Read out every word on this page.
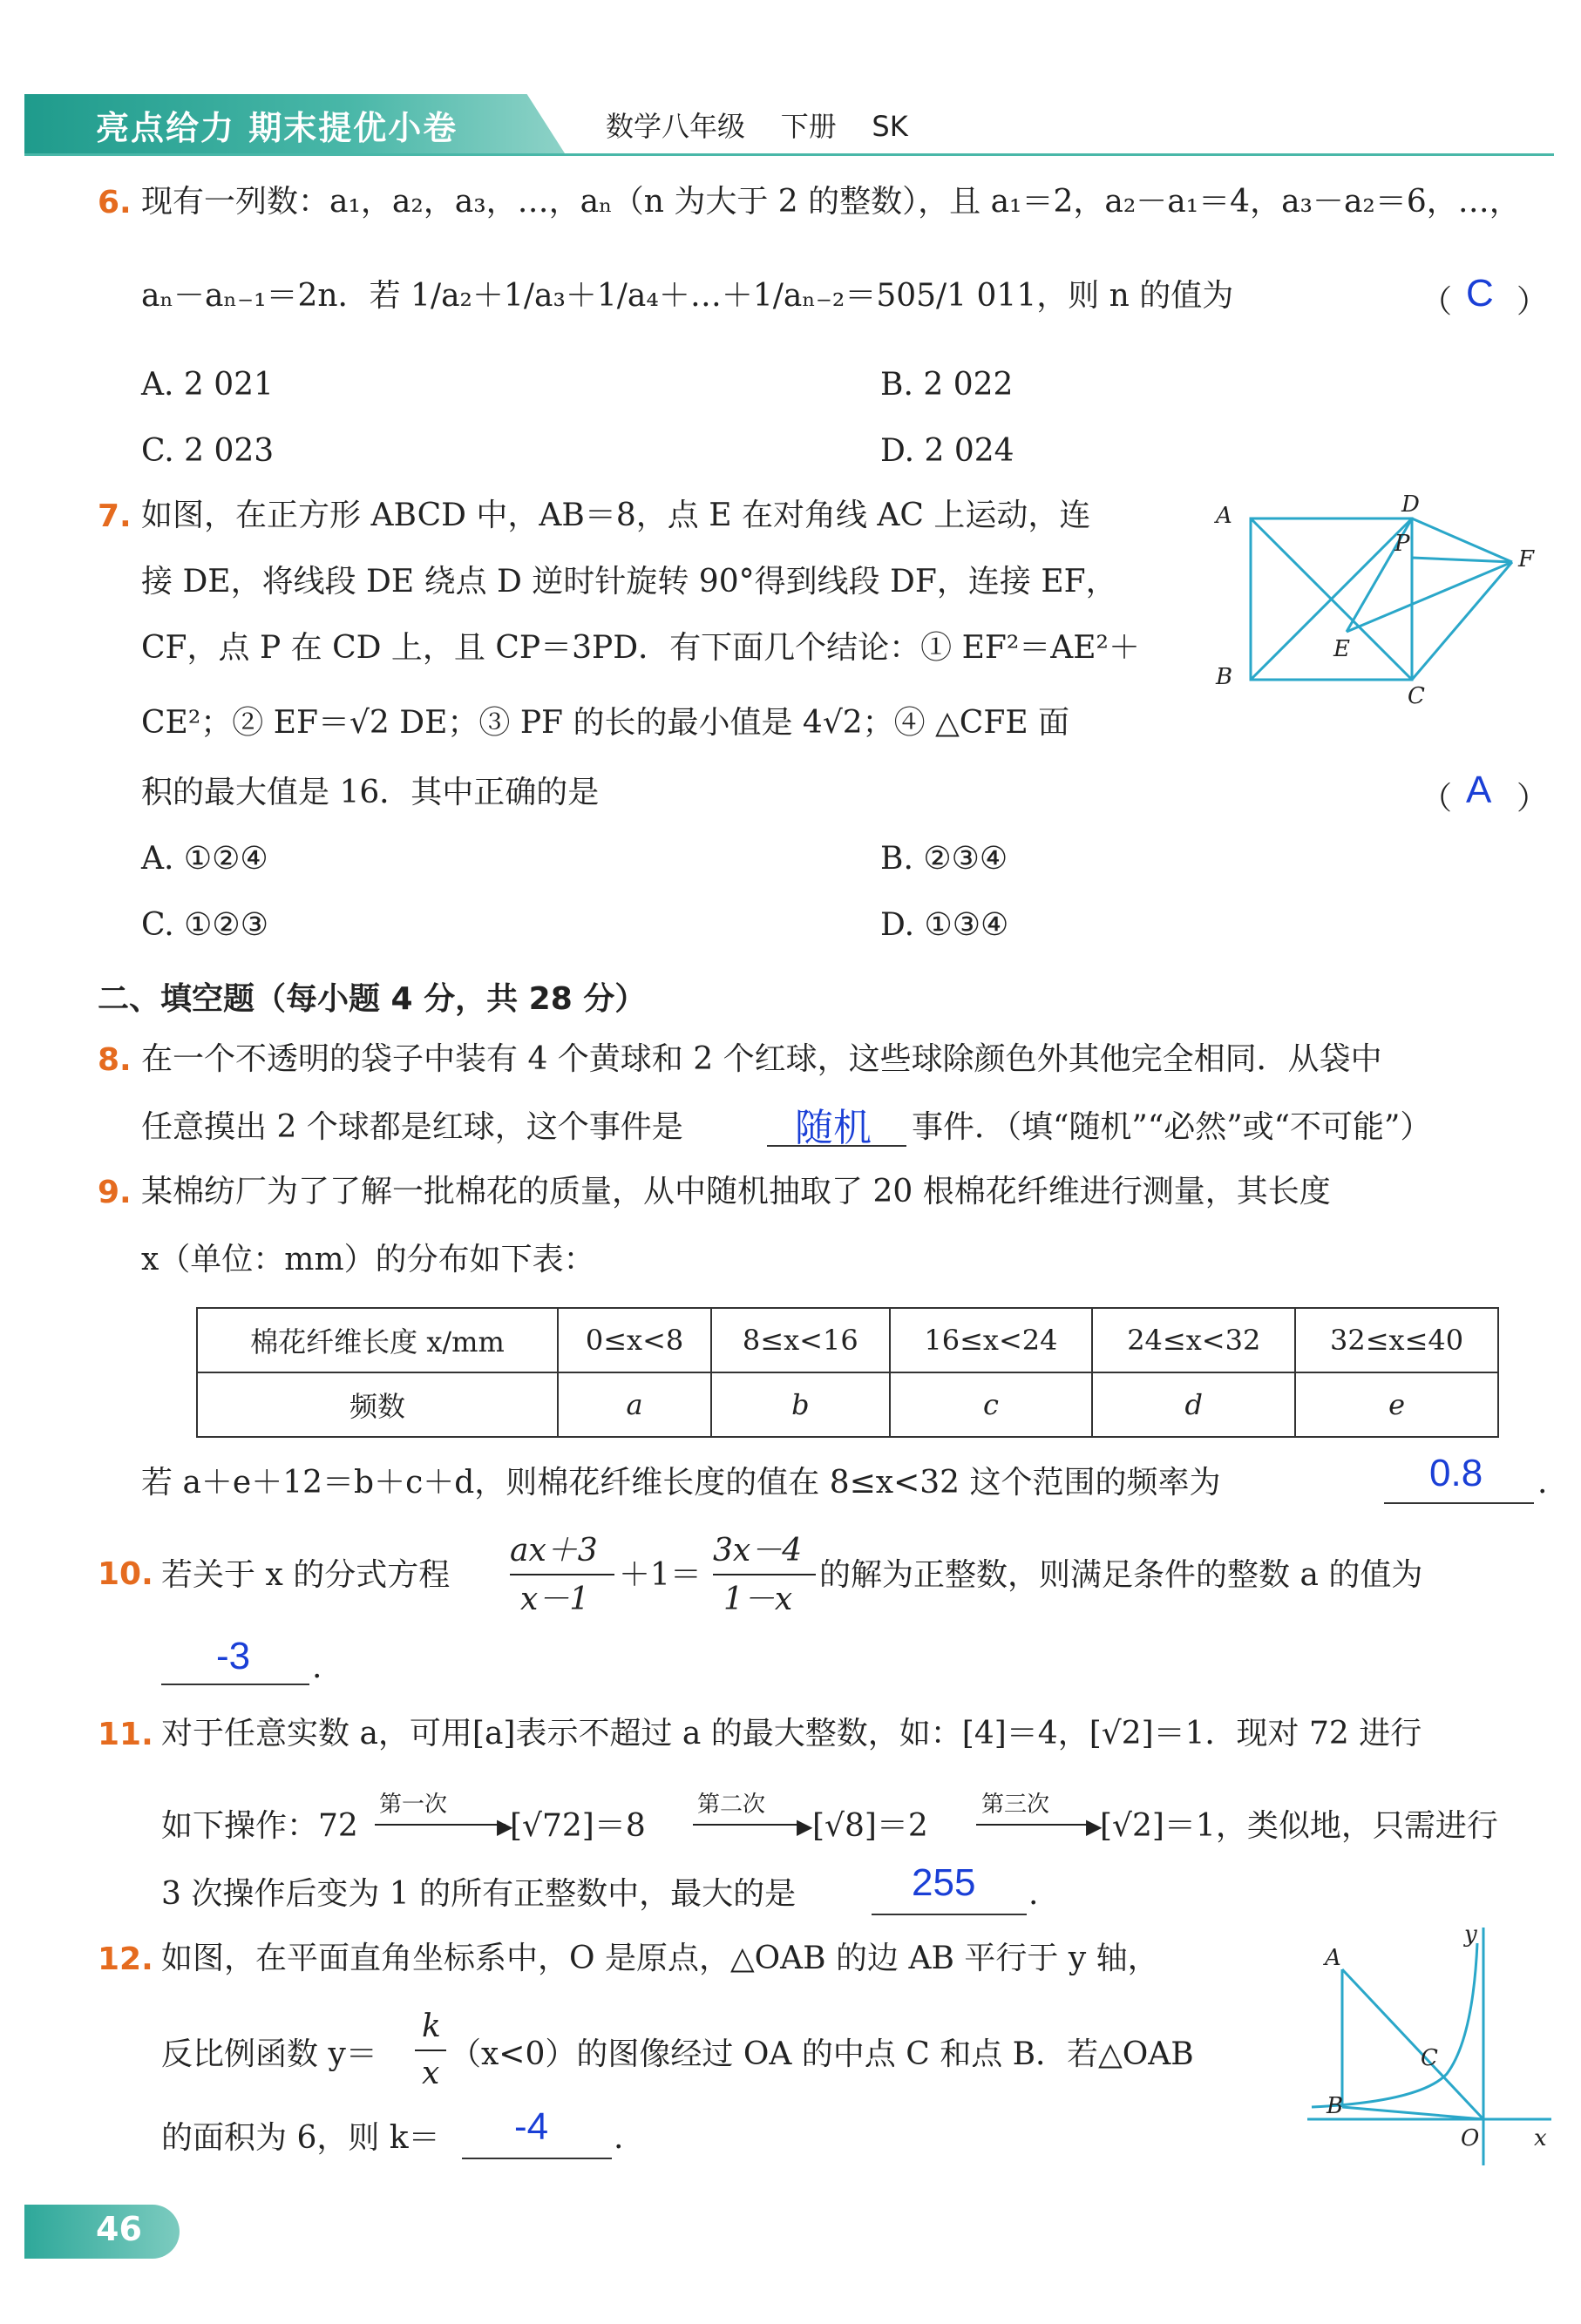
亮点给力 期末提优小卷	数学八年级    下册    SK
6. 现有一列数：a₁，a₂，a₃，…，aₙ（n 为大于 2 的整数），且 a₁＝2，a₂－a₁＝4，a₃－a₂＝6，…，
aₙ－aₙ₋₁＝2n．若 1/a₂＋1/a₃＋1/a₄＋…＋1/aₙ₋₂＝505/1 011，则 n 的值为	（ C ）
A. 2 021	B. 2 022
C. 2 023	D. 2 024
7. 如图，在正方形 ABCD 中，AB＝8，点 E 在对角线 AC 上运动，连
接 DE，将线段 DE 绕点 D 逆时针旋转 90°得到线段 DF，连接 EF，
CF，点 P 在 CD 上，且 CP＝3PD．有下面几个结论：① EF²＝AE²＋
CE²；② EF＝√2 DE；③ PF 的长的最小值是 4√2；④ △CFE 面
积的最大值是 16．其中正确的是	（ A ）
A. ①②④	B. ②③④
C. ①②③	D. ①③④
A	D
B
C
E
F
P
二、填空题（每小题 4 分，共 28 分）
8. 在一个不透明的袋子中装有 4 个黄球和 2 个红球，这些球除颜色外其他完全相同．从袋中
任意摸出 2 个球都是红球，这个事件是	随机 事件．（填“随机”“必然”或“不可能”）
9. 某棉纺厂为了了解一批棉花的质量，从中随机抽取了 20 根棉花纤维进行测量，其长度
x（单位：mm）的分布如下表：
棉花纤维长度 x/mm	0≤x<8	8≤x<16	16≤x<24	24≤x<32	32≤x≤40
频数	a	b	c	d	e
若 a＋e＋12＝b＋c＋d，则棉花纤维长度的值在 8≤x<32 这个范围的频率为	0.8 .
10. 若关于 x 的分式方程
ax＋3
x－1
＋1＝
3x－4
1－x
的解为正整数，则满足条件的整数 a 的值为
-3 .
11. 对于任意实数 a，可用[a]表示不超过 a 的最大整数，如：[4]＝4，[√2]＝1．现对 72 进行
如下操作：72
第一次
▶
[√72]＝8
第二次
▶ [√8]＝2
第三次
▶
[√2]＝1，类似地，只需进行
3 次操作后变为 1 的所有正整数中，最大的是	255 .
12. 如图，在平面直角坐标系中，O 是原点，△OAB 的边 AB 平行于 y 轴，
反比例函数 y＝
k
x
（x<0）的图像经过 OA 的中点 C 和点 B．若△OAB
的面积为 6，则 k＝ -4 .
A
B
C
O x
y
46
